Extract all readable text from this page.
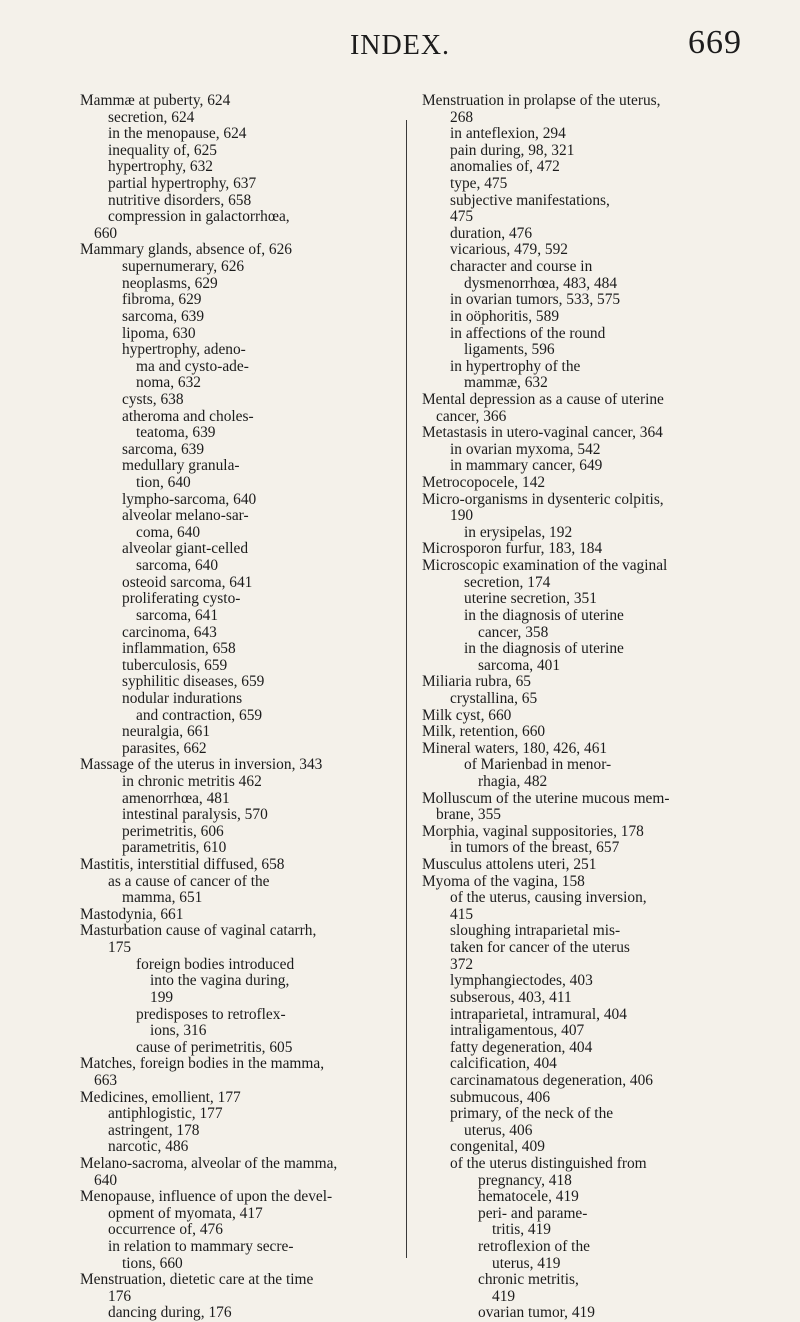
INDEX.	669
Mammæ at puberty, 624
secretion, 624
in the menopause, 624
inequality of, 625
hypertrophy, 632
partial hypertrophy, 637
nutritive disorders, 658
compression in galactorrhœa,
660
Mammary glands, absence of, 626
supernumerary, 626
neoplasms, 629
fibroma, 629
sarcoma, 639
lipoma, 630
hypertrophy, adeno-
ma and cysto-ade-
noma, 632
cysts, 638
atheroma and choles-
teatoma, 639
sarcoma, 639
medullary granula-
tion, 640
lympho-sarcoma, 640
alveolar melano-sar-
coma, 640
alveolar giant-celled
sarcoma, 640
osteoid sarcoma, 641
proliferating cysto-
sarcoma, 641
carcinoma, 643
inflammation, 658
tuberculosis, 659
syphilitic diseases, 659
nodular indurations
and contraction, 659
neuralgia, 661
parasites, 662
Massage of the uterus in inversion, 343
in chronic metritis 462
amenorrhœa, 481
intestinal paralysis, 570
perimetritis, 606
parametritis, 610
Mastitis, interstitial diffused, 658
as a cause of cancer of the
mamma, 651
Mastodynia, 661
Masturbation cause of vaginal catarrh,
175
foreign bodies introduced
into the vagina during,
199
predisposes to retroflex-
ions, 316
cause of perimetritis, 605
Matches, foreign bodies in the mamma,
663
Medicines, emollient, 177
antiphlogistic, 177
astringent, 178
narcotic, 486
Melano-sacroma, alveolar of the mamma,
640
Menopause, influence of upon the devel-
opment of myomata, 417
occurrence of, 476
in relation to mammary secre-
tions, 660
Menstruation, dietetic care at the time
176
dancing during, 176
Menstruation in prolapse of the uterus,
268
in anteflexion, 294
pain during, 98, 321
anomalies of, 472
type, 475
subjective manifestations,
475
duration, 476
vicarious, 479, 592
character and course in
dysmenorrhœa, 483, 484
in ovarian tumors, 533, 575
in oöphoritis, 589
in affections of the round
ligaments, 596
in hypertrophy of the
mammæ, 632
Mental depression as a cause of uterine
cancer, 366
Metastasis in utero-vaginal cancer, 364
in ovarian myxoma, 542
in mammary cancer, 649
Metrocopocele, 142
Micro-organisms in dysenteric colpitis,
190
in erysipelas, 192
Microsporon furfur, 183, 184
Microscopic examination of the vaginal
secretion, 174
uterine secretion, 351
in the diagnosis of uterine
cancer, 358
in the diagnosis of uterine
sarcoma, 401
Miliaria rubra, 65
crystallina, 65
Milk cyst, 660
Milk, retention, 660
Mineral waters, 180, 426, 461
of Marienbad in menor-
rhagia, 482
Molluscum of the uterine mucous mem-
brane, 355
Morphia, vaginal suppositories, 178
in tumors of the breast, 657
Musculus attolens uteri, 251
Myoma of the vagina, 158
of the uterus, causing inversion,
415
sloughing intraparietal mis-
taken for cancer of the uterus
372
lymphangiectodes, 403
subserous, 403, 411
intraparietal, intramural, 404
intraligamentous, 407
fatty degeneration, 404
calcification, 404
carcinamatous degeneration, 406
submucous, 406
primary, of the neck of the
uterus, 406
congenital, 409
of the uterus distinguished from
pregnancy, 418
hematocele, 419
peri- and parame-
tritis, 419
retroflexion of the
uterus, 419
chronic metritis,
419
ovarian tumor, 419
